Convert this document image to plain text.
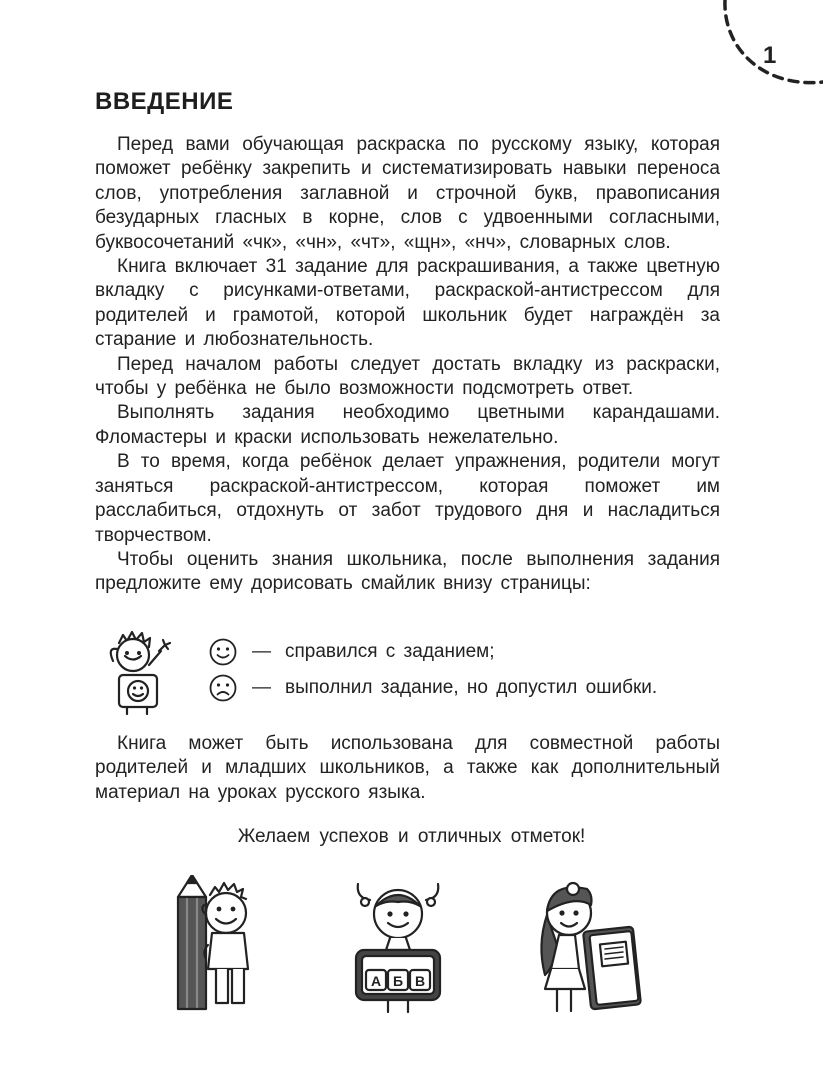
1
ВВЕДЕНИЕ

Перед вами обучающая раскраска по русскому языку, которая поможет ребёнку закрепить и систематизировать навыки переноса слов, употребления заглавной и строчной букв, правописания безударных гласных в корне, слов с удвоенными согласными, буквосочетаний «чк», «чн», «чт», «щн», «нч», словарных слов.

Книга включает 31 задание для раскрашивания, а также цветную вкладку с рисунками-ответами, раскраской-антистрессом для родителей и грамотой, которой школьник будет награждён за старание и любознательность.

Перед началом работы следует достать вкладку из раскраски, чтобы у ребёнка не было возможности подсмотреть ответ.

Выполнять задания необходимо цветными карандашами. Фломастеры и краски использовать нежелательно.

В то время, когда ребёнок делает упражнения, родители могут заняться раскраской-антистрессом, которая поможет им расслабиться, отдохнуть от забот трудового дня и насладиться творчеством.

Чтобы оценить знания школьника, после выполнения задания предложите ему дорисовать смайлик внизу страницы:

— справился с заданием;
— выполнил задание, но допустил ошибки.

Книга может быть использована для совместной работы родителей и младших школьников, а также как дополнительный материал на уроках русского языка.

Желаем успехов и отличных отметок!

А Б В
